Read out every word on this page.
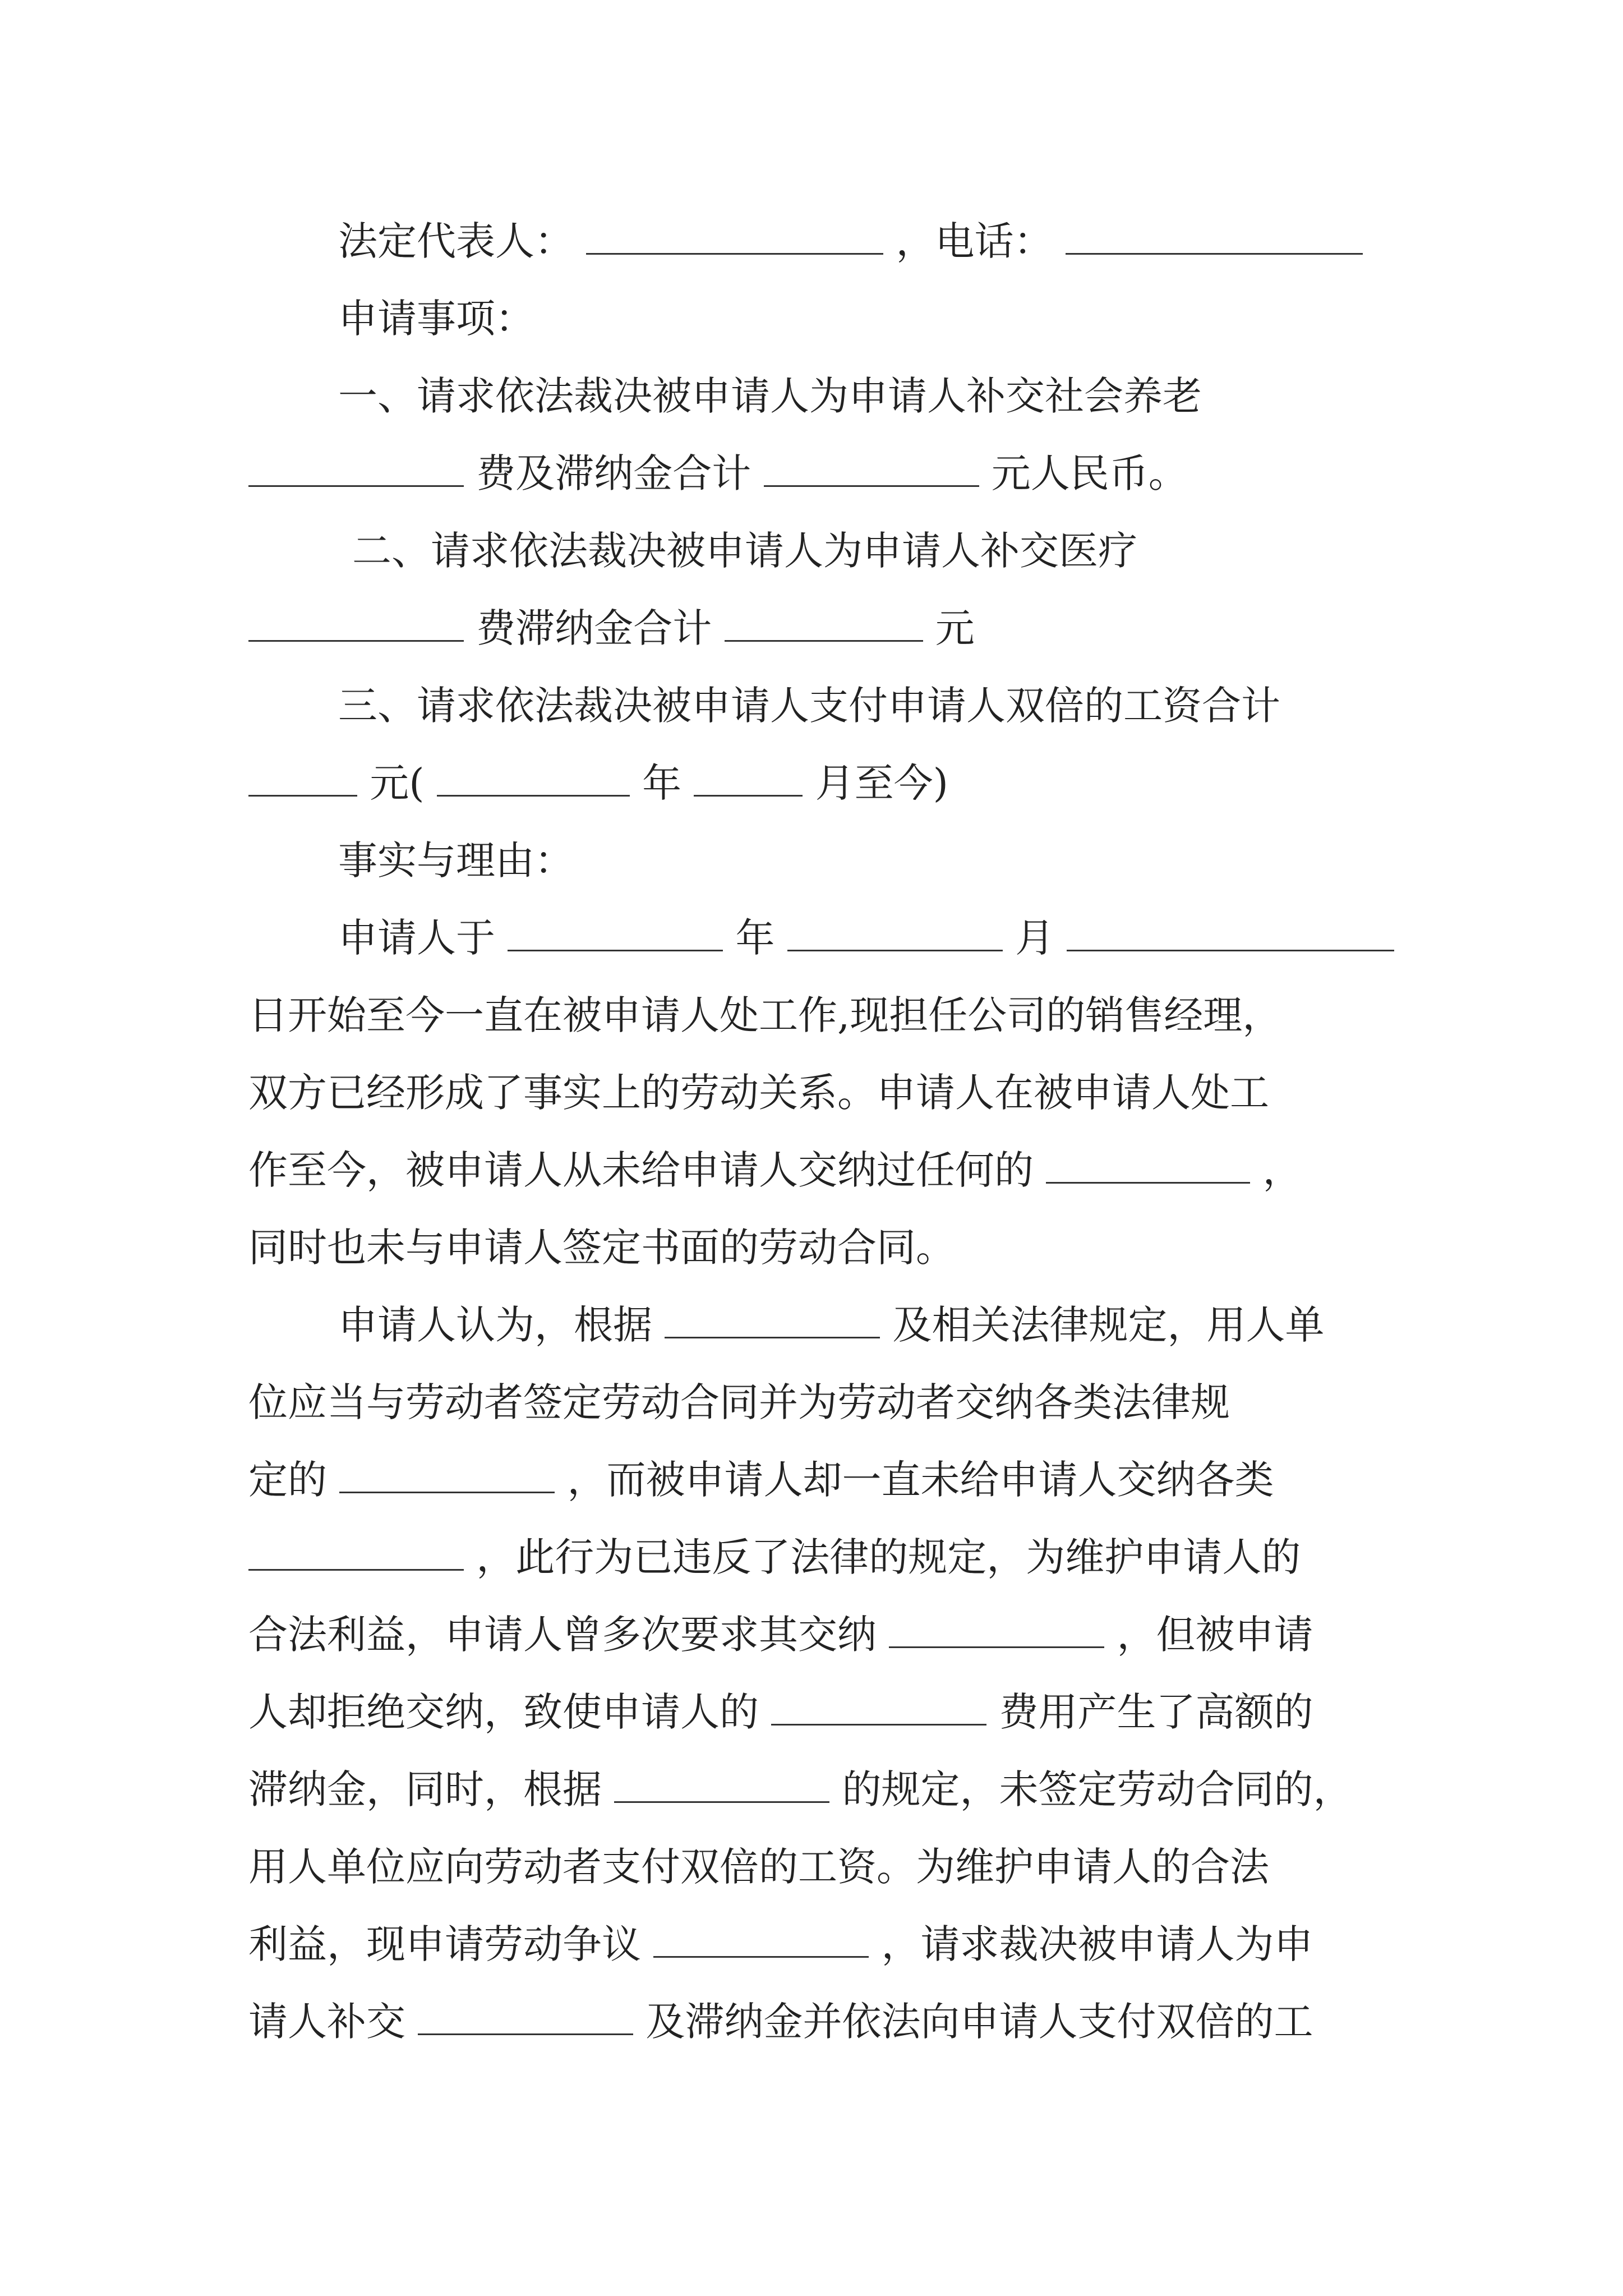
法定代表人：	，电话：
申请事项：
一、请求依法裁决被申请人为申请人补交社会养老
费及滞纳金合计	元人民币。
二、请求依法裁决被申请人为申请人补交医疗
费滞纳金合计	元
三、请求依法裁决被申请人支付申请人双倍的工资合计
元(	年	月至今)
事实与理由：
申请人于	年	月
日开始至今一直在被申请人处工作,现担任公司的销售经理，
双方已经形成了事实上的劳动关系。申请人在被申请人处工
作至今，被申请人从未给申请人交纳过任何的	，
同时也未与申请人签定书面的劳动合同。
申请人认为，根据	及相关法律规定，用人单
位应当与劳动者签定劳动合同并为劳动者交纳各类法律规
定的	，而被申请人却一直未给申请人交纳各类
，此行为已违反了法律的规定，为维护申请人的
合法利益，申请人曾多次要求其交纳	，但被申请
人却拒绝交纳，致使申请人的	费用产生了高额的
滞纳金，同时，根据	的规定，未签定劳动合同的，
用人单位应向劳动者支付双倍的工资。为维护申请人的合法
利益，现申请劳动争议	，请求裁决被申请人为申
请人补交	及滞纳金并依法向申请人支付双倍的工
